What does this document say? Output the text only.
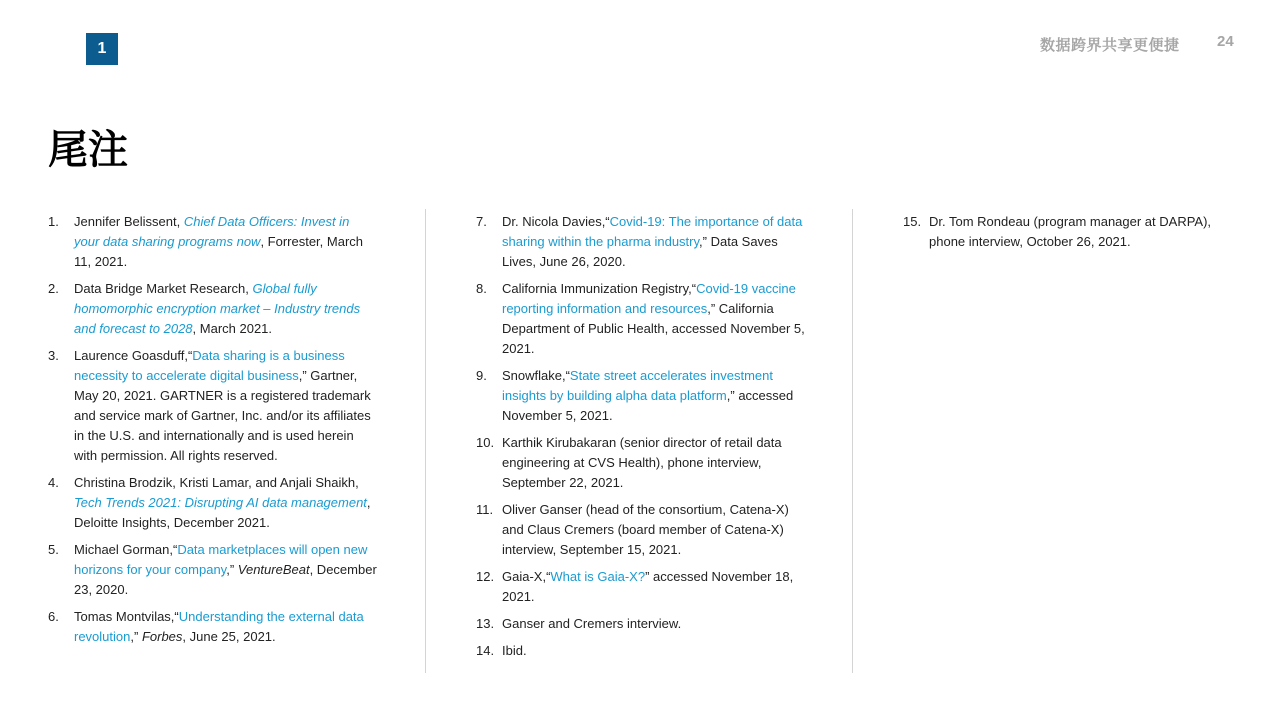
1	数据跨界共享更便捷 24
尾注
1. Jennifer Belissent, Chief Data Officers: Invest in your data sharing programs now, Forrester, March 11, 2021.
2. Data Bridge Market Research, Global fully homomorphic encryption market – Industry trends and forecast to 2028, March 2021.
3. Laurence Goasduff,“Data sharing is a business necessity to accelerate digital business,” Gartner, May 20, 2021. GARTNER is a registered trademark and service mark of Gartner, Inc. and/or its affiliates in the U.S. and internationally and is used herein with permission. All rights reserved.
4. Christina Brodzik, Kristi Lamar, and Anjali Shaikh, Tech Trends 2021: Disrupting AI data management, Deloitte Insights, December 2021.
5. Michael Gorman,“Data marketplaces will open new horizons for your company,” VentureBeat, December 23, 2020.
6. Tomas Montvilas,“Understanding the external data revolution,” Forbes, June 25, 2021.
7. Dr. Nicola Davies,“Covid-19: The importance of data sharing within the pharma industry,” Data Saves Lives, June 26, 2020.
8. California Immunization Registry,“Covid-19 vaccine reporting information and resources,” California Department of Public Health, accessed November 5, 2021.
9. Snowflake,“State street accelerates investment insights by building alpha data platform,” accessed November 5, 2021.
10. Karthik Kirubakaran (senior director of retail data engineering at CVS Health), phone interview, September 22, 2021.
11. Oliver Ganser (head of the consortium, Catena-X) and Claus Cremers (board member of Catena-X) interview, September 15, 2021.
12. Gaia-X,“What is Gaia-X?” accessed November 18, 2021.
13. Ganser and Cremers interview.
14. Ibid.
15. Dr. Tom Rondeau (program manager at DARPA), phone interview, October 26, 2021.
